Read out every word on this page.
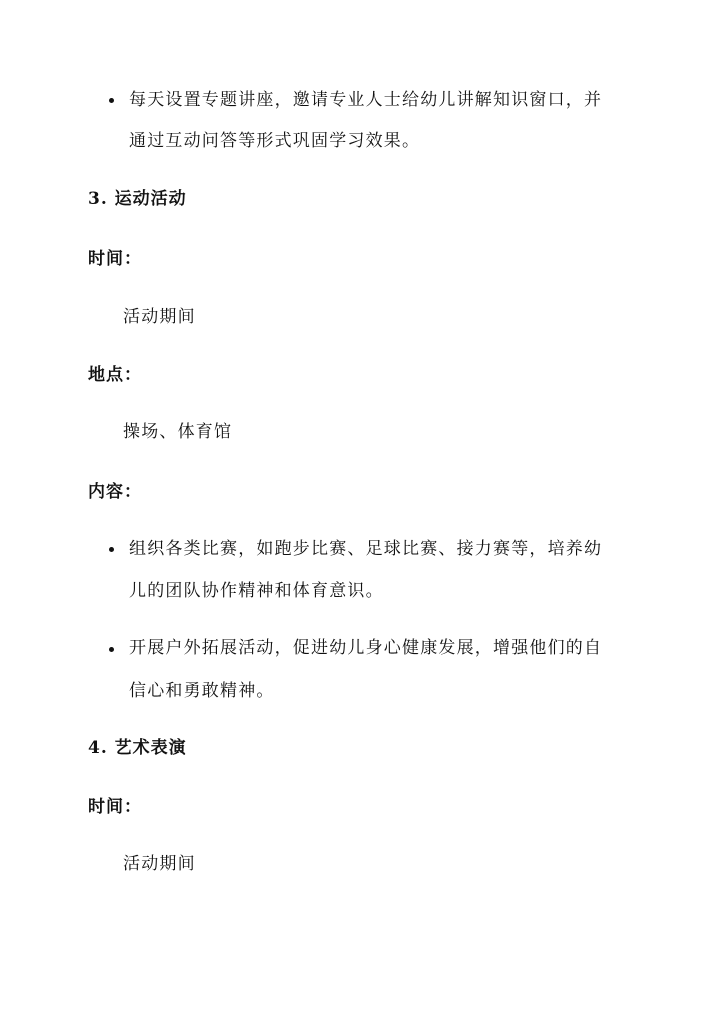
每天设置专题讲座，邀请专业人士给幼儿讲解知识窗口，并
通过互动问答等形式巩固学习效果。
3. 运动活动
时间：
活动期间
地点：
操场、体育馆
内容：
组织各类比赛，如跑步比赛、足球比赛、接力赛等，培养幼
儿的团队协作精神和体育意识。
开展户外拓展活动，促进幼儿身心健康发展，增强他们的自
信心和勇敢精神。
4. 艺术表演
时间：
活动期间
